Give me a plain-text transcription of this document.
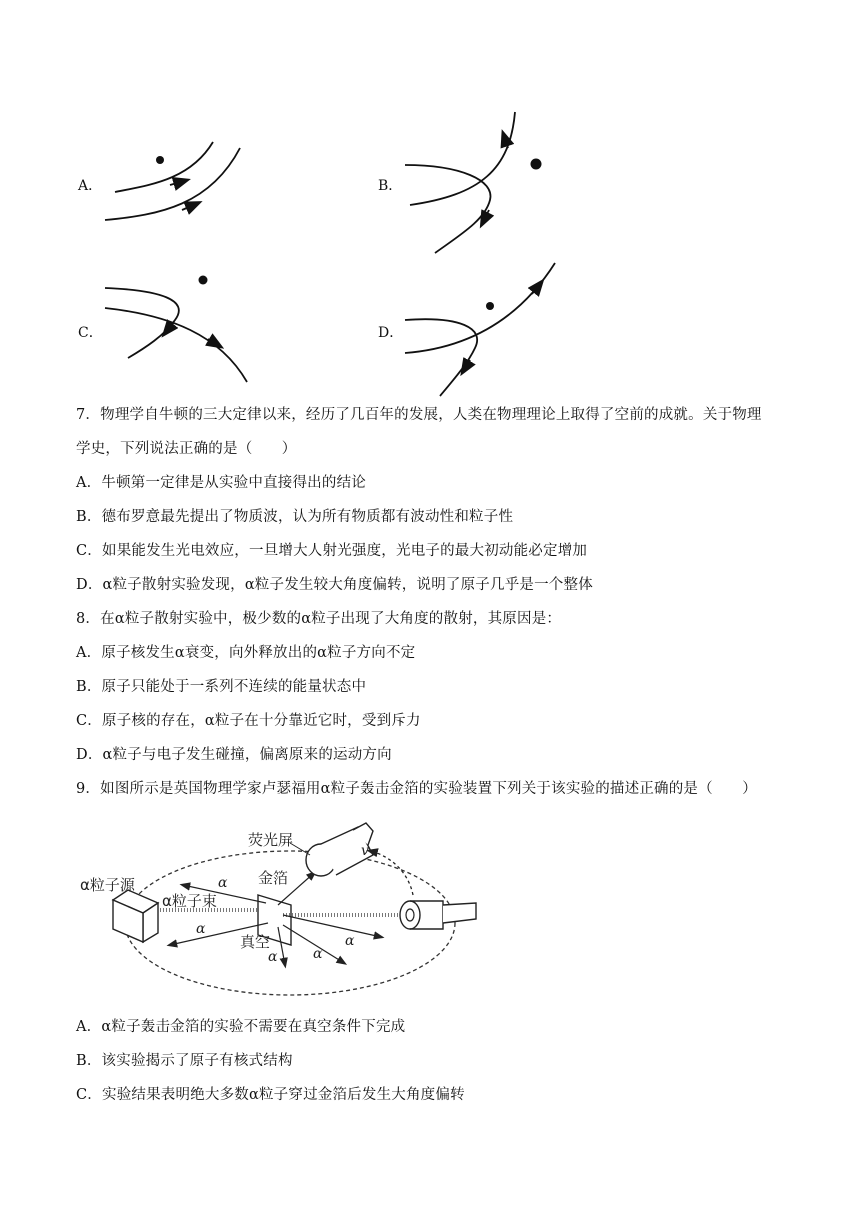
A．	B．
C．	D．
7．物理学自牛顿的三大定律以来，经历了几百年的发展，人类在物理理论上取得了空前的成就。关于物理
学史，下列说法正确的是（　　）
A．牛顿第一定律是从实验中直接得出的结论
B．德布罗意最先提出了物质波，认为所有物质都有波动性和粒子性
C．如果能发生光电效应，一旦增大人射光强度，光电子的最大初动能必定增加
D．α粒子散射实验发现，α粒子发生较大角度偏转，说明了原子几乎是一个整体
8．在α粒子散射实验中，极少数的α粒子出现了大角度的散射，其原因是：
A．原子核发生α衰变，向外释放出的α粒子方向不定
B．原子只能处于一系列不连续的能量状态中
C．原子核的存在，α粒子在十分靠近它时，受到斥力
D．α粒子与电子发生碰撞，偏离原来的运动方向
9．如图所示是英国物理学家卢瑟福用α粒子轰击金箔的实验装置下列关于该实验的描述正确的是（　　）
荧光屏
α粒子源
α粒子束
金箔
真空
v
α
α
α	α
α
A．α粒子轰击金箔的实验不需要在真空条件下完成
B．该实验揭示了原子有核式结构
C．实验结果表明绝大多数α粒子穿过金箔后发生大角度偏转
